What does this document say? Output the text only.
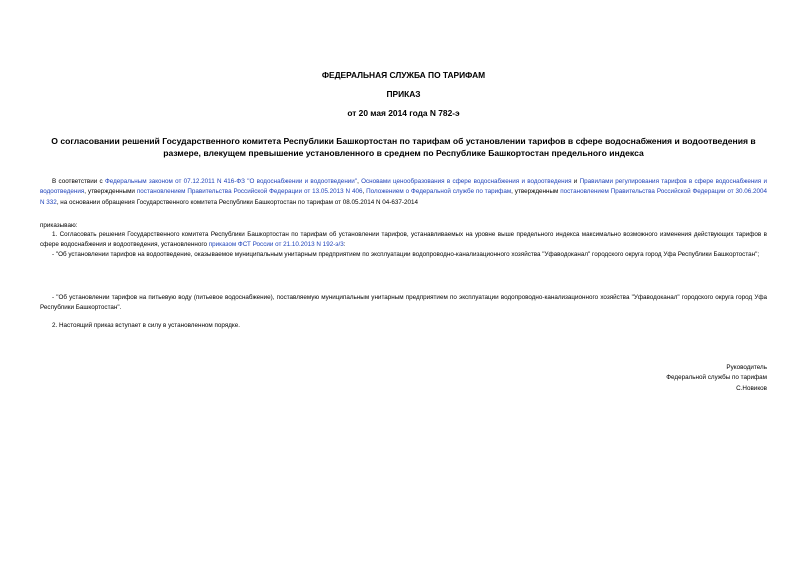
ФЕДЕРАЛЬНАЯ СЛУЖБА ПО ТАРИФАМ
ПРИКАЗ
от 20 мая 2014 года N 782-э
О согласовании решений Государственного комитета Республики Башкортостан по тарифам об установлении тарифов в сфере водоснабжения и водоотведения в размере, влекущем превышение установленного в среднем по Республике Башкортостан предельного индекса
В соответствии с Федеральным законом от 07.12.2011 N 416-ФЗ "О водоснабжении и водоотведении", Основами ценообразования в сфере водоснабжения и водоотведения и Правилами регулирования тарифов в сфере водоснабжения и водоотведения, утвержденными постановлением Правительства Российской Федерации от 13.05.2013 N 406, Положением о Федеральной службе по тарифам, утвержденным постановлением Правительства Российской Федерации от 30.06.2004 N 332, на основании обращения Государственного комитета Республики Башкортостан по тарифам от 08.05.2014 N 04-637-2014
приказываю:
1. Согласовать решения Государственного комитета Республики Башкортостан по тарифам об установлении тарифов, устанавливаемых на уровне выше предельного индекса максимально возможного изменения действующих тарифов в сфере водоснабжения и водоотведения, установленного приказом ФСТ России от 21.10.2013 N 192-э/3:
- "Об установлении тарифов на водоотведение, оказываемое муниципальным унитарным предприятием по эксплуатации водопроводно-канализационного хозяйства "Уфаводоканал" городского округа город Уфа Республики Башкортостан";
- "Об установлении тарифов на питьевую воду (питьевое водоснабжение), поставляемую муниципальным унитарным предприятием по эксплуатации водопроводно-канализационного хозяйства "Уфаводоканал" городского округа город Уфа Республики Башкортостан".
2. Настоящий приказ вступает в силу в установленном порядке.
Руководитель
Федеральной службы по тарифам
С.Новиков
